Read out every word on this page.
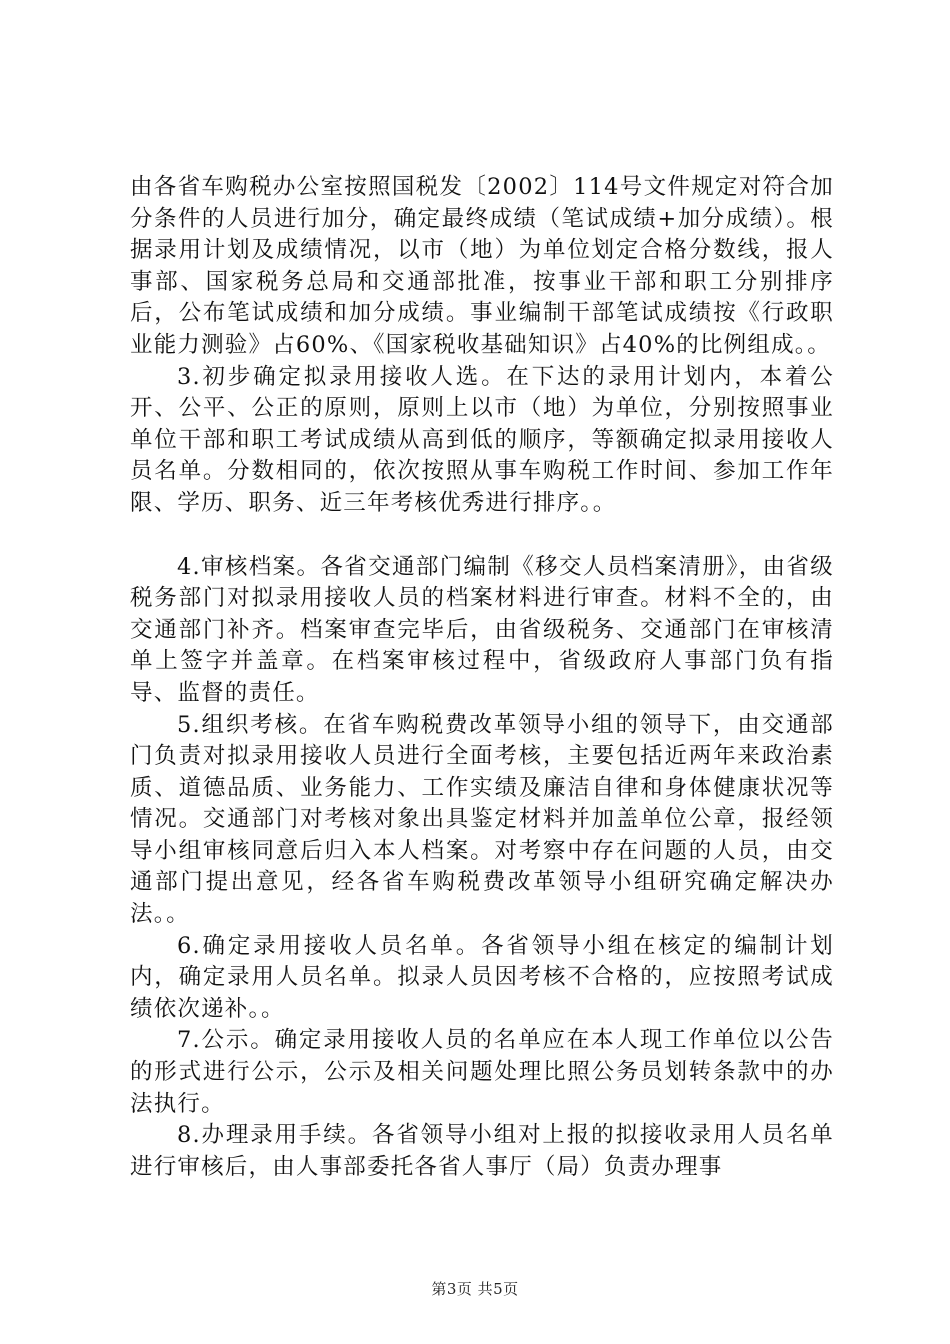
由各省车购税办公室按照国税发〔2002〕114号文件规定对符合加分条件的人员进行加分，确定最终成绩（笔试成绩+加分成绩）。根据录用计划及成绩情况，以市（地）为单位划定合格分数线，报人事部、国家税务总局和交通部批准，按事业干部和职工分别排序后，公布笔试成绩和加分成绩。事业编制干部笔试成绩按《行政职业能力测验》占60%、《国家税收基础知识》占40%的比例组成。。

3.初步确定拟录用接收人选。在下达的录用计划内，本着公开、公平、公正的原则，原则上以市（地）为单位，分别按照事业单位干部和职工考试成绩从高到低的顺序，等额确定拟录用接收人员名单。分数相同的，依次按照从事车购税工作时间、参加工作年限、学历、职务、近三年考核优秀进行排序。。

4.审核档案。各省交通部门编制《移交人员档案清册》，由省级税务部门对拟录用接收人员的档案材料进行审查。材料不全的，由交通部门补齐。档案审查完毕后，由省级税务、交通部门在审核清单上签字并盖章。在档案审核过程中，省级政府人事部门负有指导、监督的责任。

5.组织考核。在省车购税费改革领导小组的领导下，由交通部门负责对拟录用接收人员进行全面考核，主要包括近两年来政治素质、道德品质、业务能力、工作实绩及廉洁自律和身体健康状况等情况。交通部门对考核对象出具鉴定材料并加盖单位公章，报经领导小组审核同意后归入本人档案。对考察中存在问题的人员，由交通部门提出意见，经各省车购税费改革领导小组研究确定解决办法。。

6.确定录用接收人员名单。各省领导小组在核定的编制计划内，确定录用人员名单。拟录人员因考核不合格的，应按照考试成绩依次递补。。

7.公示。确定录用接收人员的名单应在本人现工作单位以公告的形式进行公示，公示及相关问题处理比照公务员划转条款中的办法执行。

8.办理录用手续。各省领导小组对上报的拟接收录用人员名单进行审核后，由人事部委托各省人事厅（局）负责办理事

第3页 共5页
